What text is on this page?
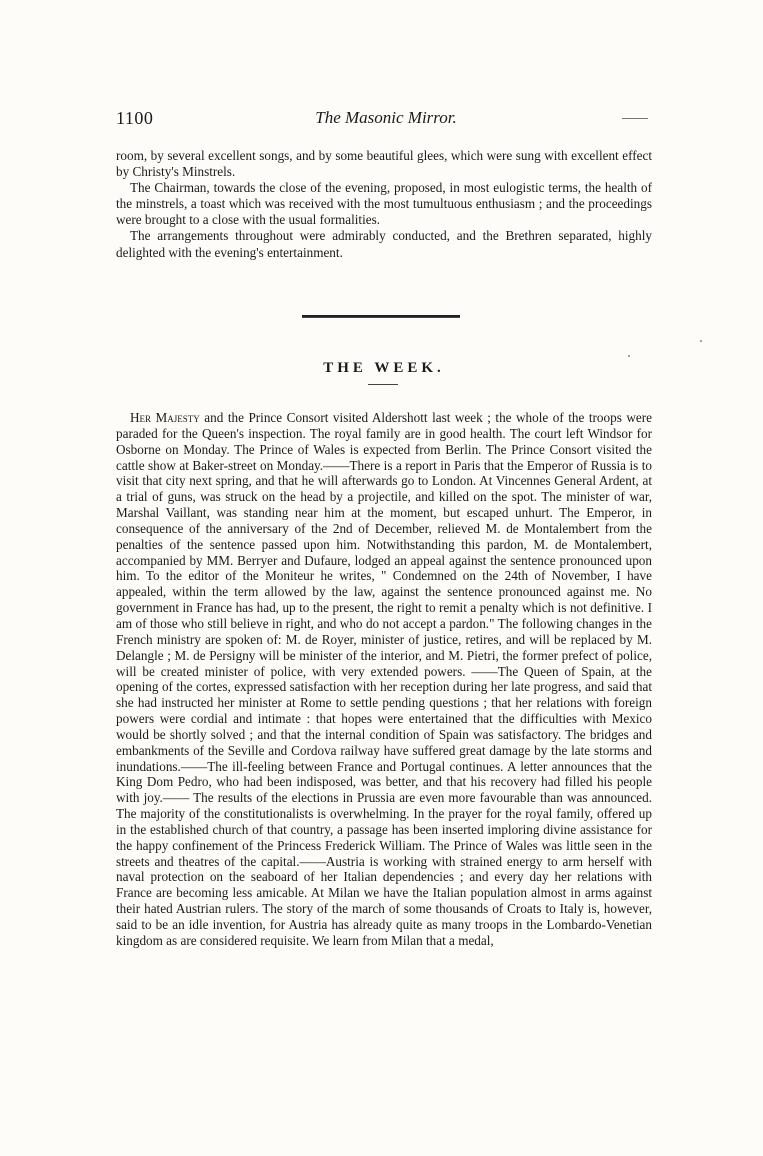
1100	The Masonic Mirror.

room, by several excellent songs, and by some beautiful glees, which were sung with excellent effect by Christy's Minstrels.

The Chairman, towards the close of the evening, proposed, in most eulogistic terms, the health of the minstrels, a toast which was received with the most tumultuous enthusiasm ; and the proceedings were brought to a close with the usual formalities.

The arrangements throughout were admirably conducted, and the Brethren separated, highly delighted with the evening's entertainment.

THE WEEK.

Her Majesty and the Prince Consort visited Aldershott last week ; the whole of the troops were paraded for the Queen's inspection. The royal family are in good health. The court left Windsor for Osborne on Monday. The Prince of Wales is expected from Berlin. The Prince Consort visited the cattle show at Baker-street on Monday.——There is a report in Paris that the Emperor of Russia is to visit that city next spring, and that he will afterwards go to London. At Vincennes General Ardent, at a trial of guns, was struck on the head by a projectile, and killed on the spot. The minister of war, Marshal Vaillant, was standing near him at the moment, but escaped unhurt. The Emperor, in consequence of the anniversary of the 2nd of December, relieved M. de Montalembert from the penalties of the sentence passed upon him. Notwithstanding this pardon, M. de Montalembert, accompanied by MM. Berryer and Dufaure, lodged an appeal against the sentence pronounced upon him. To the editor of the Moniteur he writes, " Condemned on the 24th of November, I have appealed, within the term allowed by the law, against the sentence pronounced against me. No government in France has had, up to the present, the right to remit a penalty which is not definitive. I am of those who still believe in right, and who do not accept a pardon." The following changes in the French ministry are spoken of: M. de Royer, minister of justice, retires, and will be replaced by M. Delangle ; M. de Persigny will be minister of the interior, and M. Pietri, the former prefect of police, will be created minister of police, with very extended powers. ——The Queen of Spain, at the opening of the cortes, expressed satisfaction with her reception during her late progress, and said that she had instructed her minister at Rome to settle pending questions ; that her relations with foreign powers were cordial and intimate : that hopes were entertained that the difficulties with Mexico would be shortly solved ; and that the internal condition of Spain was satisfactory. The bridges and embankments of the Seville and Cordova railway have suffered great damage by the late storms and inundations.——The ill-feeling between France and Portugal continues. A letter announces that the King Dom Pedro, who had been indisposed, was better, and that his recovery had filled his people with joy.—— The results of the elections in Prussia are even more favourable than was announced. The majority of the constitutionalists is overwhelming. In the prayer for the royal family, offered up in the established church of that country, a passage has been inserted imploring divine assistance for the happy confinement of the Princess Frederick William. The Prince of Wales was little seen in the streets and theatres of the capital.——Austria is working with strained energy to arm herself with naval protection on the seaboard of her Italian dependencies ; and every day her relations with France are becoming less amicable. At Milan we have the Italian population almost in arms against their hated Austrian rulers. The story of the march of some thousands of Croats to Italy is, however, said to be an idle invention, for Austria has already quite as many troops in the Lombardo-Venetian kingdom as are considered requisite. We learn from Milan that a medal,
